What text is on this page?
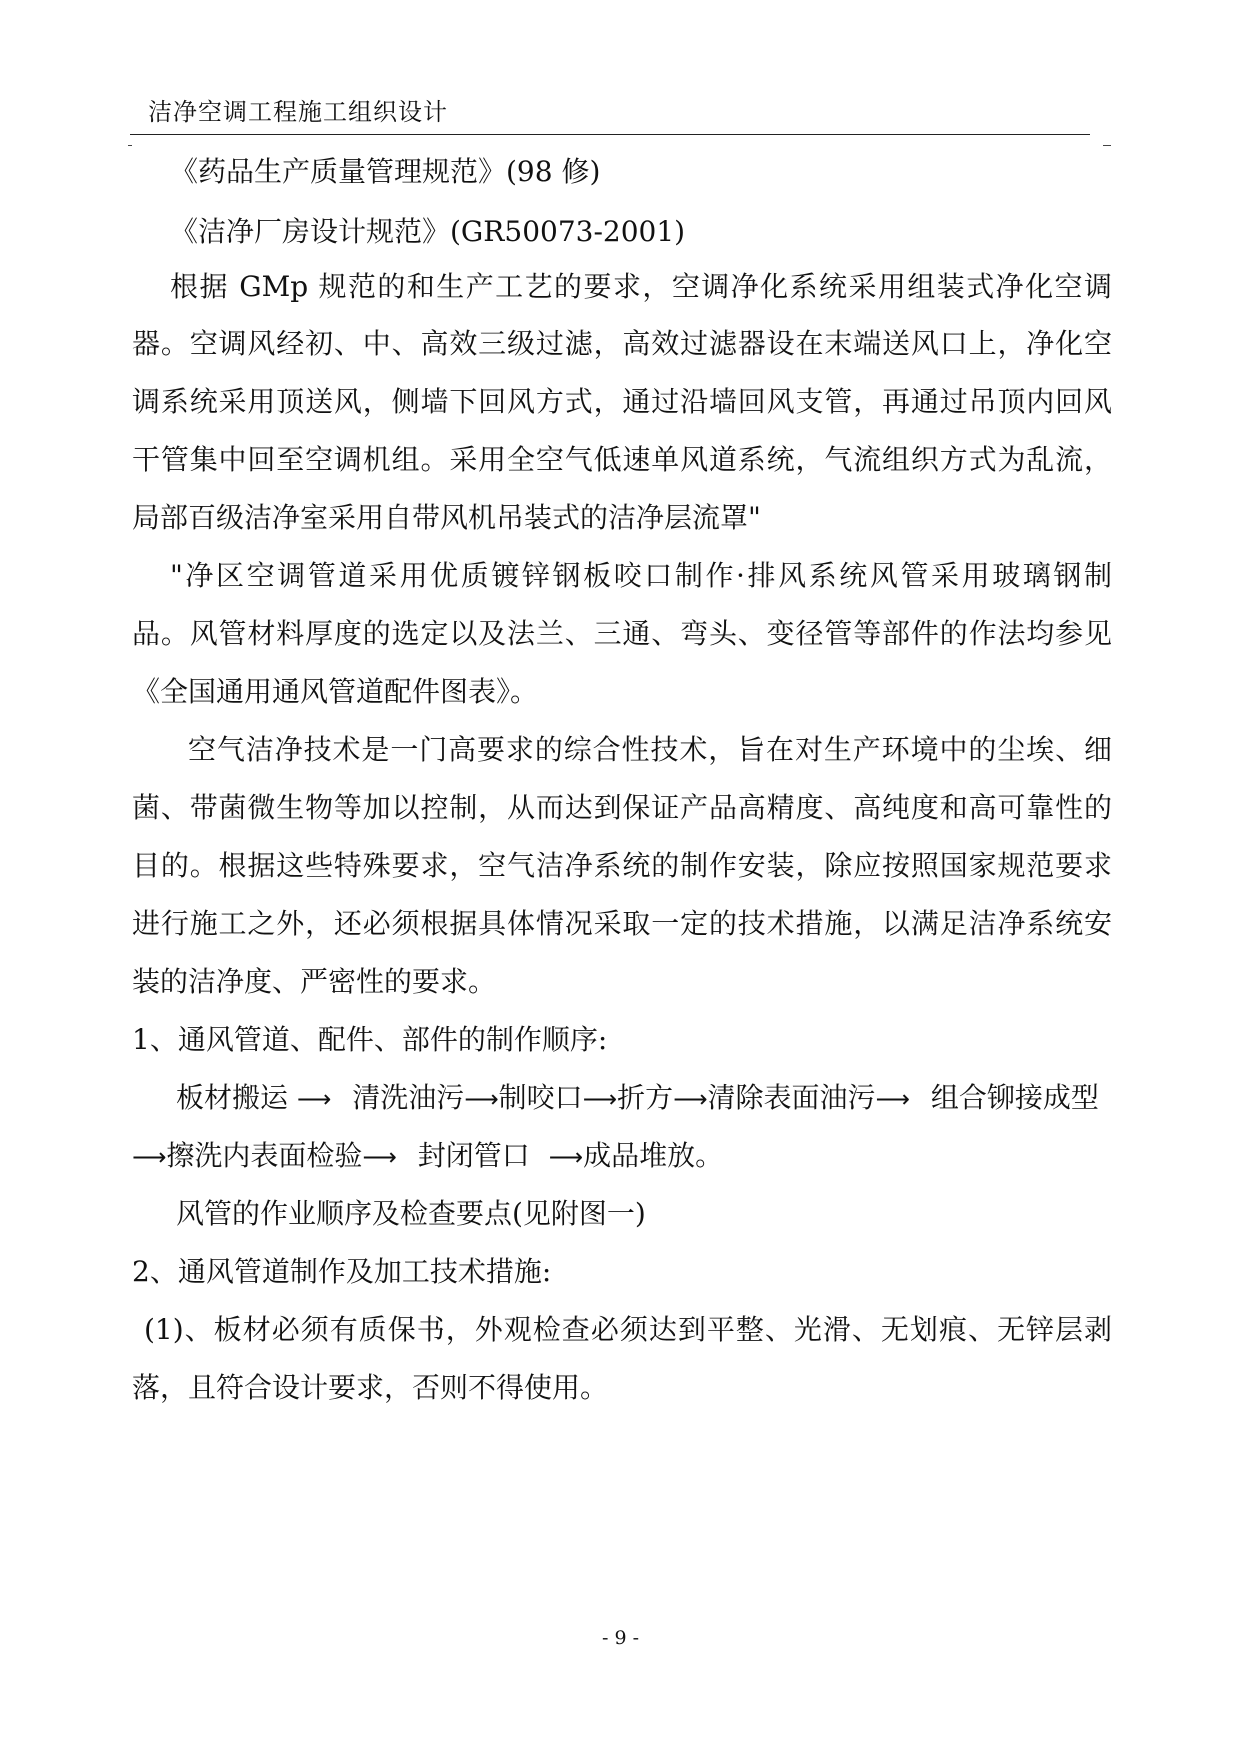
洁净空调工程施工组织设计
《药品生产质量管理规范》(98 修)
《洁净厂房设计规范》(GR50073-2001)
根据 GMp 规范的和生产工艺的要求，空调净化系统采用组装式净化空调
器。空调风经初、中、高效三级过滤，高效过滤器设在末端送风口上，净化空
调系统采用顶送风，侧墙下回风方式，通过沿墙回风支管，再通过吊顶内回风
干管集中回至空调机组。采用全空气低速单风道系统，气流组织方式为乱流，
局部百级洁净室采用自带风机吊装式的洁净层流罩"
"净区空调管道采用优质镀锌钢板咬口制作·排风系统风管采用玻璃钢制
品。风管材料厚度的选定以及法兰、三通、弯头、变径管等部件的作法均参见
《全国通用通风管道配件图表》。
空气洁净技术是一门高要求的综合性技术，旨在对生产环境中的尘埃、细
菌、带菌微生物等加以控制，从而达到保证产品高精度、高纯度和高可靠性的
目的。根据这些特殊要求，空气洁净系统的制作安装，除应按照国家规范要求
进行施工之外，还必须根据具体情况采取一定的技术措施，以满足洁净系统安
装的洁净度、严密性的要求。
1、通风管道、配件、部件的制作顺序:
板材搬运 ⟶ 清洗油污⟶制咬口⟶折方⟶清除表面油污⟶ 组合铆接成型
⟶擦洗内表面检验⟶ 封闭管口 ⟶成品堆放。
风管的作业顺序及检查要点(见附图一)
2、通风管道制作及加工技术措施:
(1)、板材必须有质保书，外观检查必须达到平整、光滑、无划痕、无锌层剥
落，且符合设计要求，否则不得使用。
- 9 -
